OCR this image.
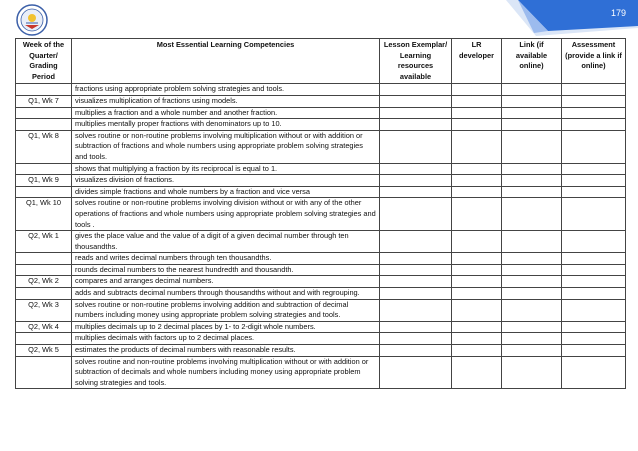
179
Week of the Quarter/ Grading Period	Most Essential Learning Competencies	Lesson Exemplar/ Learning resources available	LR developer	Link (if available online)	Assessment (provide a link if online)
	fractions using appropriate problem solving strategies and tools.				
Q1, Wk 7	visualizes multiplication of fractions using models.				
	multiplies a fraction and a whole number and another fraction.				
	multiplies mentally proper fractions with denominators up to 10.				
Q1, Wk 8	solves routine or non-routine problems involving multiplication without or with addition or subtraction of fractions and whole numbers using appropriate problem solving strategies and tools.				
	shows that multiplying a fraction by its reciprocal is equal to 1.				
Q1, Wk 9	visualizes division of fractions.				
	divides simple fractions and whole numbers by a fraction and vice versa				
Q1, Wk 10	solves routine or non-routine problems involving division without or with any of the other operations of fractions and whole numbers using appropriate problem solving strategies and tools .				
Q2, Wk 1	gives the place value and the value of a digit of a given decimal number through ten thousandths.				
	reads and writes decimal numbers through ten thousandths.				
	rounds decimal numbers to the nearest hundredth and thousandth.				
Q2, Wk 2	compares and arranges decimal numbers.				
	adds and subtracts decimal numbers through thousandths without and with regrouping.				
Q2, Wk 3	solves routine or non-routine problems involving addition and subtraction of decimal numbers including money using appropriate problem solving strategies and tools.				
Q2, Wk 4	multiplies decimals up to 2 decimal places by 1- to 2-digit whole numbers.				
	multiplies decimals with factors up to 2 decimal places.				
Q2, Wk 5	estimates the products of decimal numbers with reasonable results.				
	solves routine and non-routine problems involving multiplication without or with addition or subtraction of decimals and whole numbers including money using appropriate problem solving strategies and tools.				
